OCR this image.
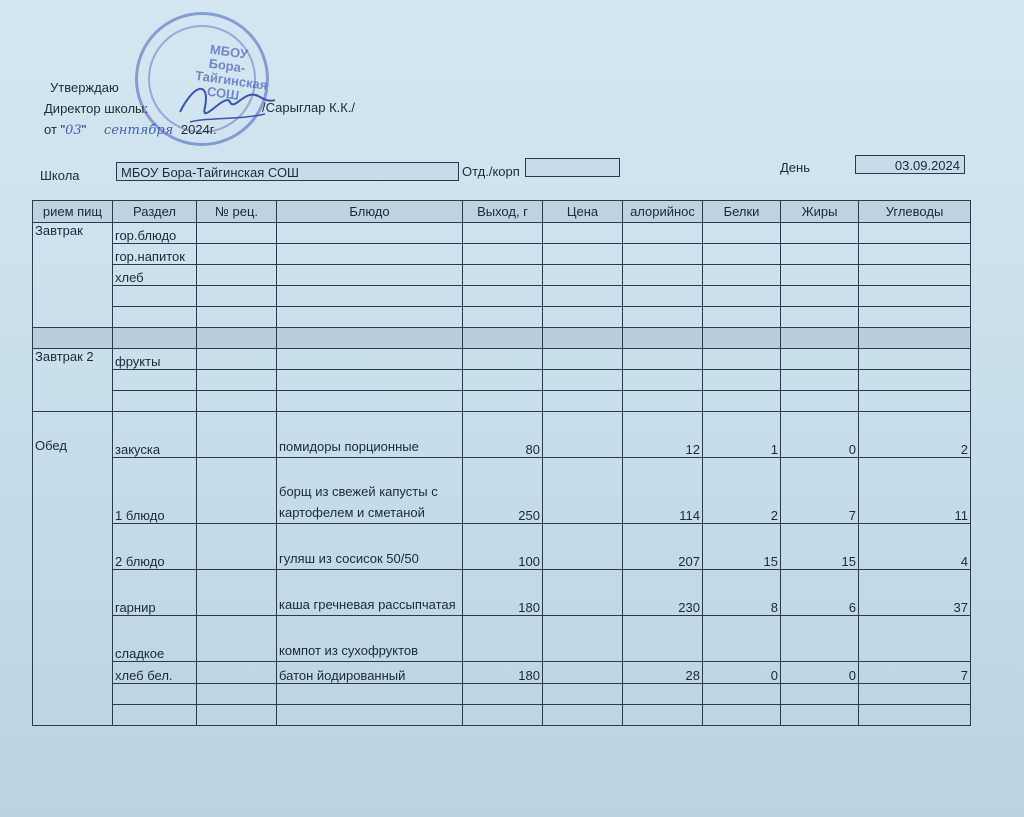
МБОУ Бора-Тайгинская СОШ
Утверждаю
Директор школы:	/Сарыглар К.К./
от "03" сентября 2024г.
Школа	МБОУ Бора-Тайгинская СОШ	Отд./корп	День	03.09.2024
рием пищ	Раздел	№ рец.	Блюдо	Выход, г	Цена	алорийнос	Белки	Жиры	Углеводы
Завтрак	гор.блюдо								
	гор.напиток								
	хлеб								

Завтрак 2	фрукты								

Обед	закуска		помидоры порционные	80		12	1	0	2
	1 блюдо		борщ из свежей капусты с картофелем и сметаной	250		114	2	7	11
	2 блюдо		гуляш из сосисок 50/50	100		207	15	15	4
	гарнир		каша гречневая рассыпчатая	180		230	8	6	37
	сладкое		компот из сухофруктов						
	хлеб бел.		батон йодированный	180		28	0	0	7
